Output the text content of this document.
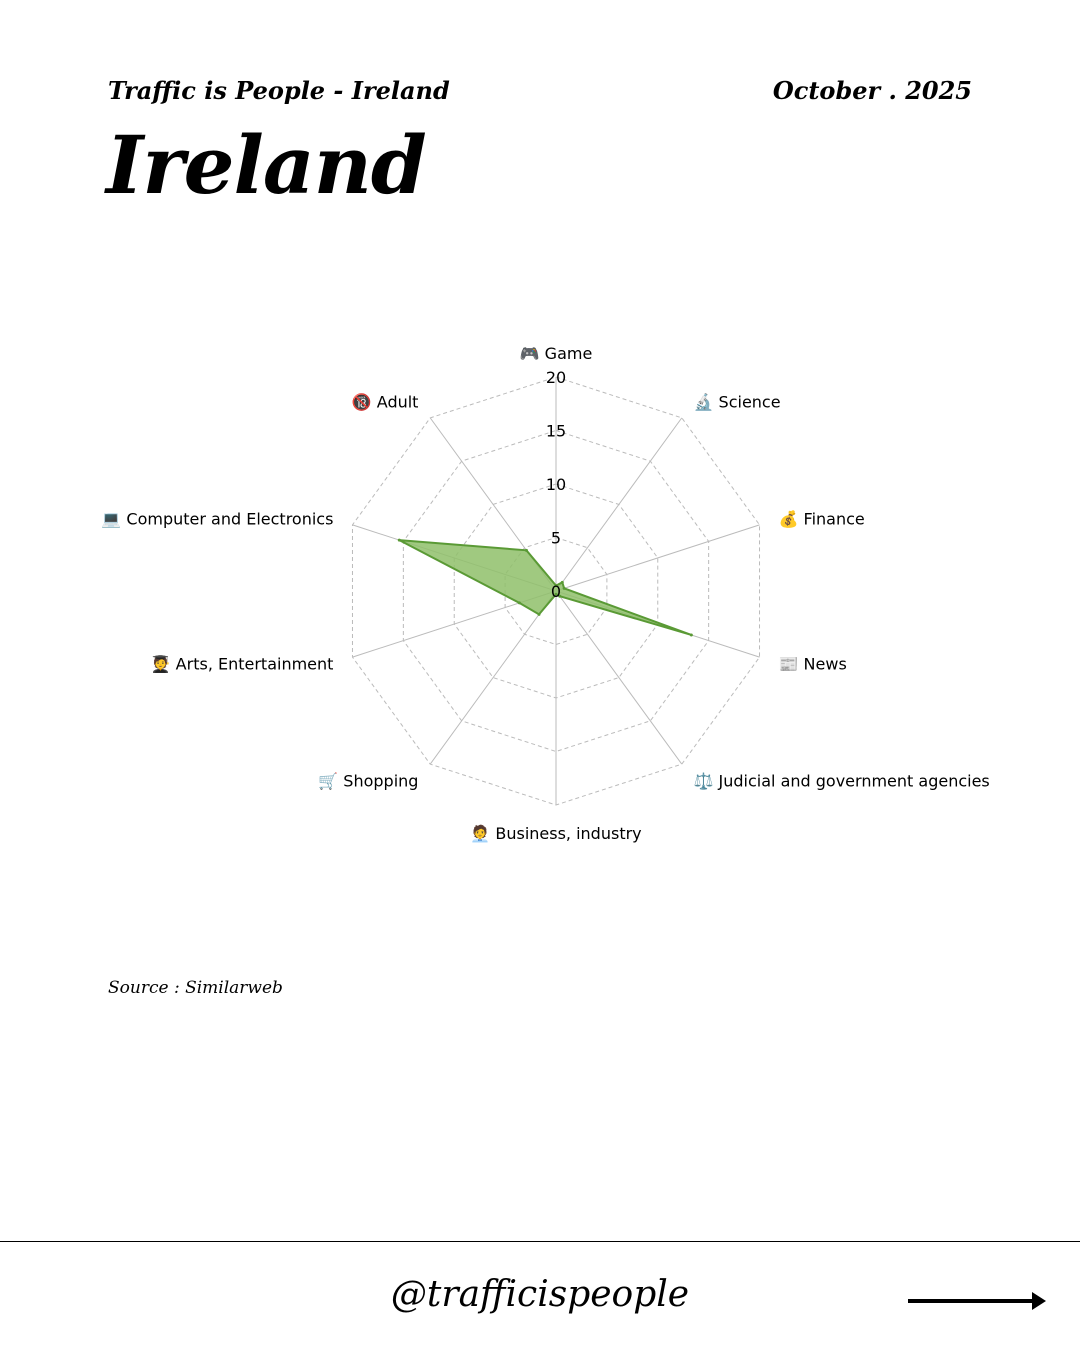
Traffic is People - Ireland	October . 2025
Ireland
0
5
10
15
20
🎮 Game
🔬 Science
💰 Finance
📰 News
⚖️ Judicial and government agencies
🧑‍💼 Business, industry
🛒 Shopping
🧑‍🎓 Arts, Entertainment
💻 Computer and Electronics
🔞 Adult
Source : Similarweb
@trafficispeople
